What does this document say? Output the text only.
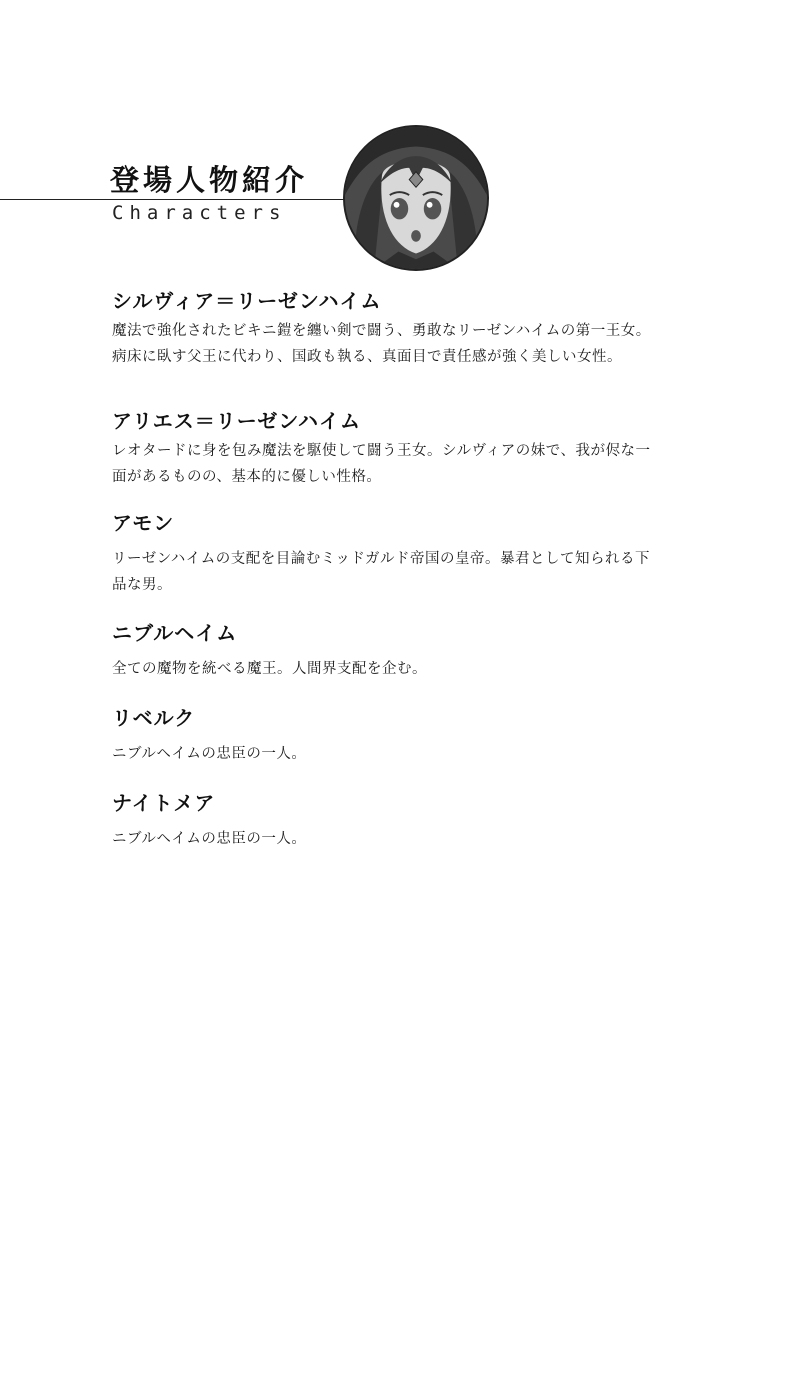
登場人物紹介
Characters
シルヴィア＝リーゼンハイム
魔法で強化されたビキニ鎧を纏い剣で闘う、勇敢なリーゼンハイムの第一王女。病床に臥す父王に代わり、国政も執る、真面目で責任感が強く美しい女性。
アリエス＝リーゼンハイム
レオタードに身を包み魔法を駆使して闘う王女。シルヴィアの妹で、我が侭な一面があるものの、基本的に優しい性格。
アモン
リーゼンハイムの支配を目論むミッドガルド帝国の皇帝。暴君として知られる下品な男。
ニブルヘイム
全ての魔物を統べる魔王。人間界支配を企む。
リベルク
ニブルヘイムの忠臣の一人。
ナイトメア
ニブルヘイムの忠臣の一人。
